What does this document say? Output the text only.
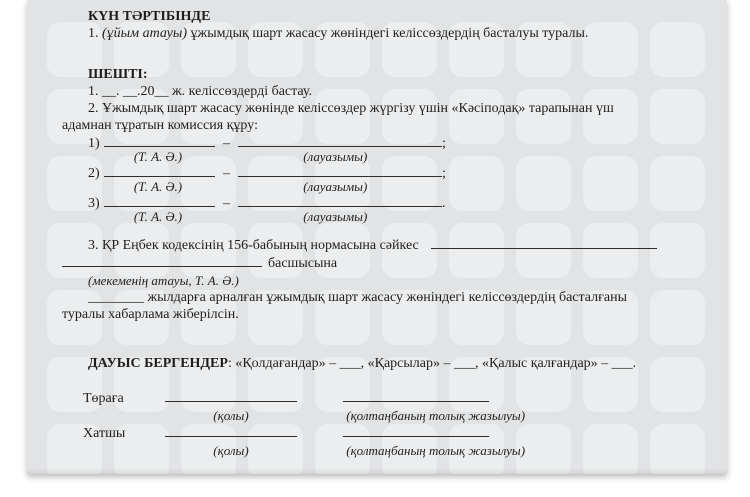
КҮН ТӘРТІБІНДЕ
1. (ұйым атауы) ұжымдық шарт жасасу жөніндегі келіссөздердің басталуы туралы.
ШЕШТІ:
1. __. __.20__ ж. келіссөздерді бастау.
2. Ұжымдық шарт жасасу жөнінде келіссөздер жүргізу үшін «Кәсіподақ» тарапынан үш
адамнан тұратын комиссия құру:
1)	–	;
(Т. А. Ә.)	(лауазымы)
2)	–	;
(Т. А. Ә.)	(лауазымы)
3)	–	.
(Т. А. Ә.)	(лауазымы)
3. ҚР Еңбек кодексінің 156-бабының нормасына сәйкес
басшысына
(мекеменің атауы, Т. А. Ә.)
________ жылдарға арналған ұжымдық шарт жасасу жөніндегі келіссөздердің басталғаны
туралы хабарлама жіберілсін.
ДАУЫС БЕРГЕНДЕР: «Қолдағандар» – ___, «Қарсылар» – ___, «Қалыс қалғандар» – ___.
Төраға
(қолы)	(қолтаңбаның толық жазылуы)
Хатшы
(қолы)	(қолтаңбаның толық жазылуы)
